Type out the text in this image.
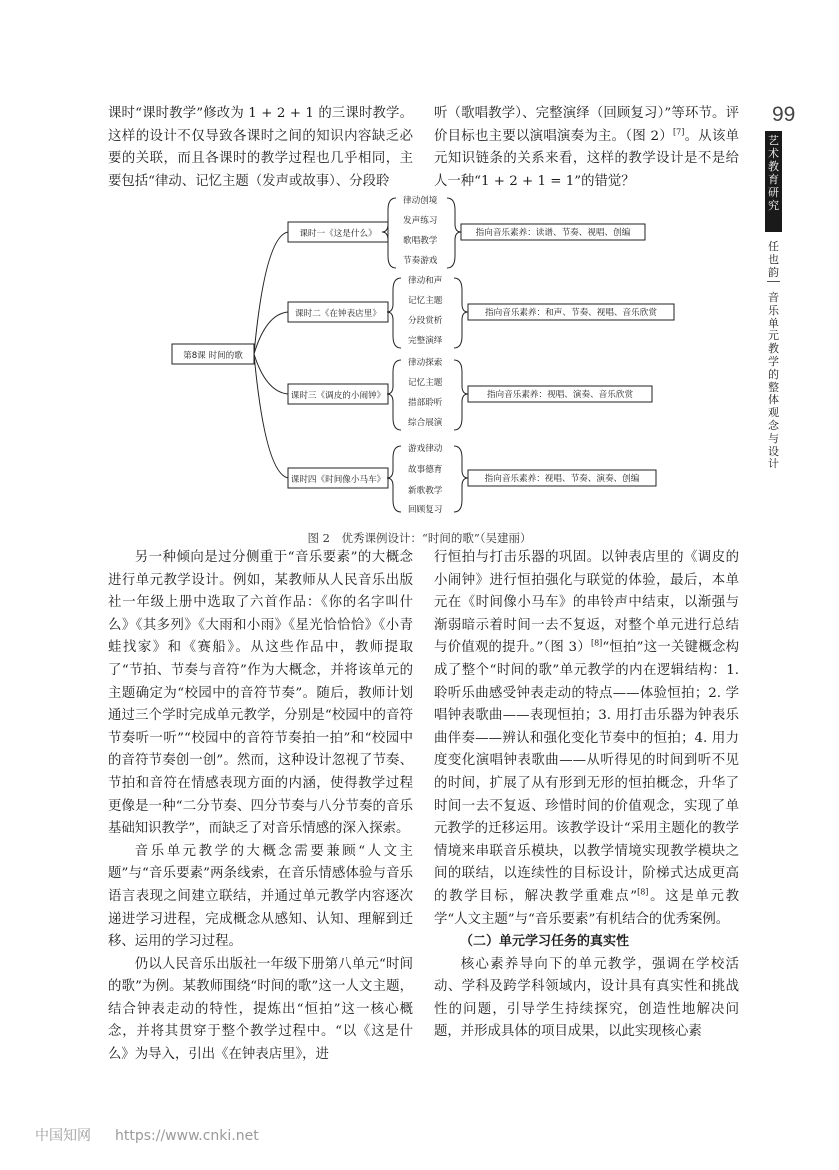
99
艺术教育研究
任也韵
音乐单元教学的整体观念与设计

课时“课时教学”修改为 1 + 2 + 1 的三课时教学。这样的设计不仅导致各课时之间的知识内容缺乏必要的关联，而且各课时的教学过程也几乎相同，主要包括“律动、记忆主题（发声或故事）、分段聆

听（歌唱教学）、完整演绎（回顾复习）”等环节。评价目标也主要以演唱演奏为主。（图 2）[7]。从该单元知识链条的关系来看，这样的教学设计是不是给人一种“1 + 2 + 1 = 1”的错觉？

第8课 时间的歌
课时一《这是什么》
课时二《在钟表店里》
课时三《调皮的小闹钟》
课时四《时间像小马车》
律动创境
发声练习
歌唱教学
节奏游戏
律动和声
记忆主题
分段赏析
完整演绎
律动探索
记忆主题
措部聆听
综合展演
游戏律动
故事德育
新歌教学
回顾复习
指向音乐素养：读谱、节奏、视唱、创编
指向音乐素养：和声、节奏、视唱、音乐欣赏
指向音乐素养：视唱、演奏、音乐欣赏
指向音乐素养：视唱、节奏、演奏、创编
图 2　优秀课例设计：“时间的歌”（吴建丽）

另一种倾向是过分侧重于“音乐要素”的大概念进行单元教学设计。例如，某教师从人民音乐出版社一年级上册中选取了六首作品：《你的名字叫什么》《其多列》《大雨和小雨》《星光恰恰恰》《小青蛙找家》和《赛船》。从这些作品中，教师提取了“节拍、节奏与音符”作为大概念，并将该单元的主题确定为“校园中的音符节奏”。随后，教师计划通过三个学时完成单元教学，分别是“校园中的音符节奏听一听”“校园中的音符节奏拍一拍”和“校园中的音符节奏创一创”。然而，这种设计忽视了节奏、节拍和音符在情感表现方面的内涵，使得教学过程更像是一种“二分节奏、四分节奏与八分节奏的音乐基础知识教学”，而缺乏了对音乐情感的深入探索。

音乐单元教学的大概念需要兼顾“人文主题”与“音乐要素”两条线索，在音乐情感体验与音乐语言表现之间建立联结，并通过单元教学内容逐次递进学习进程，完成概念从感知、认知、理解到迁移、运用的学习过程。

仍以人民音乐出版社一年级下册第八单元“时间的歌”为例。某教师围绕“时间的歌”这一人文主题，结合钟表走动的特性，提炼出“恒拍”这一核心概念，并将其贯穿于整个教学过程中。“以《这是什么》为导入，引出《在钟表店里》，进

行恒拍与打击乐器的巩固。以钟表店里的《调皮的小闹钟》进行恒拍强化与联觉的体验，最后，本单元在《时间像小马车》的串铃声中结束，以渐强与渐弱暗示着时间一去不复返，对整个单元进行总结与价值观的提升。”（图 3）[8]“恒拍”这一关键概念构成了整个“时间的歌”单元教学的内在逻辑结构：1. 聆听乐曲感受钟表走动的特点——体验恒拍；2. 学唱钟表歌曲——表现恒拍；3. 用打击乐器为钟表乐曲伴奏——辨认和强化变化节奏中的恒拍；4. 用力度变化演唱钟表歌曲——从听得见的时间到听不见的时间，扩展了从有形到无形的恒拍概念，升华了时间一去不复返、珍惜时间的价值观念，实现了单元教学的迁移运用。该教学设计“采用主题化的教学情境来串联音乐模块，以教学情境实现教学模块之间的联结，以连续性的目标设计，阶梯式达成更高的教学目标，解决教学重难点”[8]。这是单元教学“人文主题”与“音乐要素”有机结合的优秀案例。

（二）单元学习任务的真实性

核心素养导向下的单元教学，强调在学校活动、学科及跨学科领域内，设计具有真实性和挑战性的问题，引导学生持续探究，创造性地解决问题，并形成具体的项目成果，以此实现核心素

中国知网 https://www.cnki.net
